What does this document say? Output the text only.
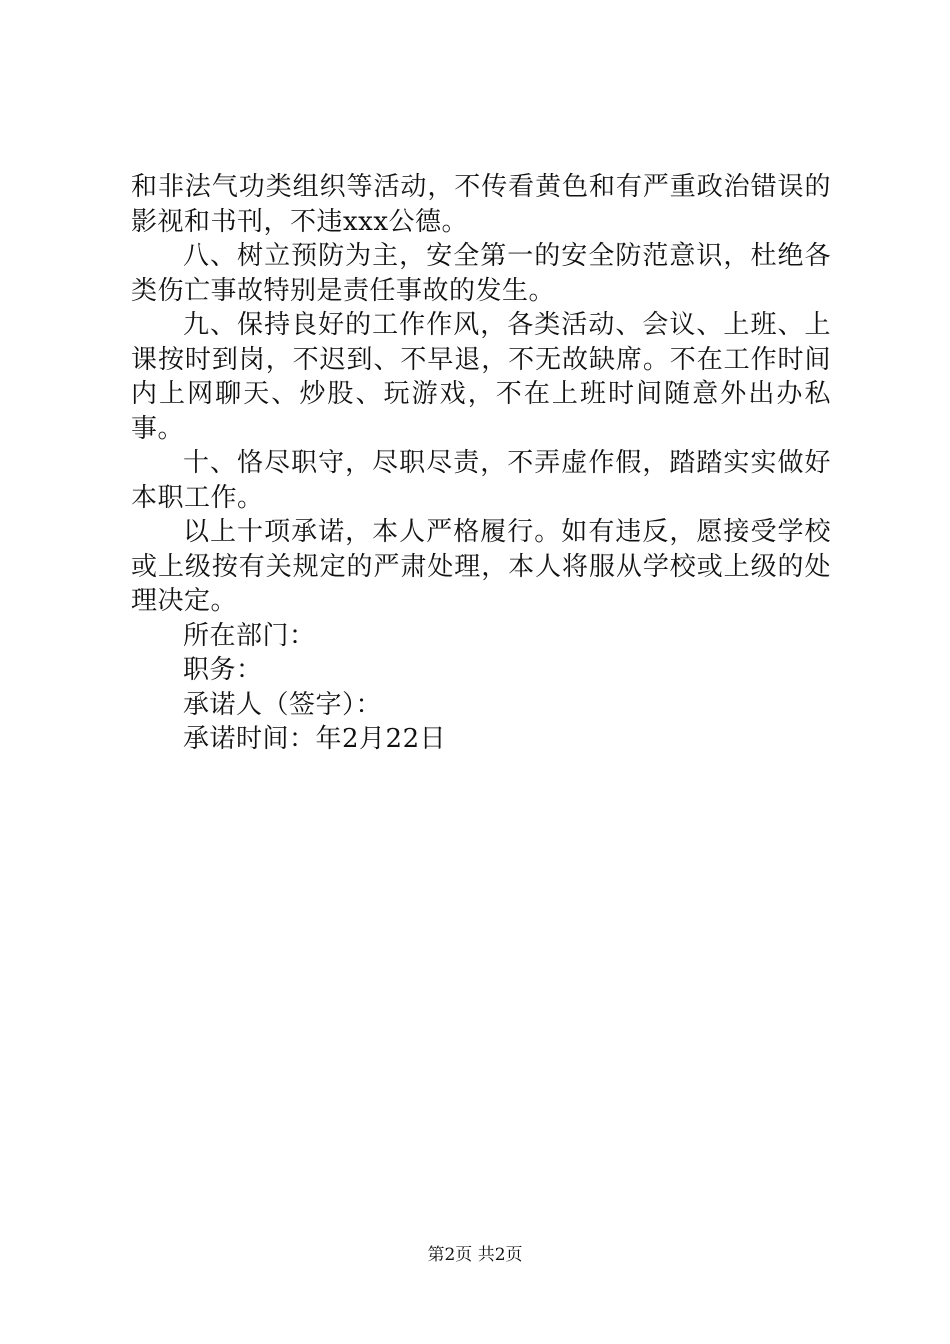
和非法气功类组织等活动，不传看黄色和有严重政治错误的影视和书刊，不违xxx公德。

八、树立预防为主，安全第一的安全防范意识，杜绝各类伤亡事故特别是责任事故的发生。

九、保持良好的工作作风，各类活动、会议、上班、上课按时到岗，不迟到、不早退，不无故缺席。不在工作时间内上网聊天、炒股、玩游戏，不在上班时间随意外出办私事。

十、恪尽职守，尽职尽责，不弄虚作假，踏踏实实做好本职工作。

以上十项承诺，本人严格履行。如有违反，愿接受学校或上级按有关规定的严肃处理，本人将服从学校或上级的处理决定。

所在部门：

职务：

承诺人（签字）：

承诺时间：年2月22日

第2页 共2页
